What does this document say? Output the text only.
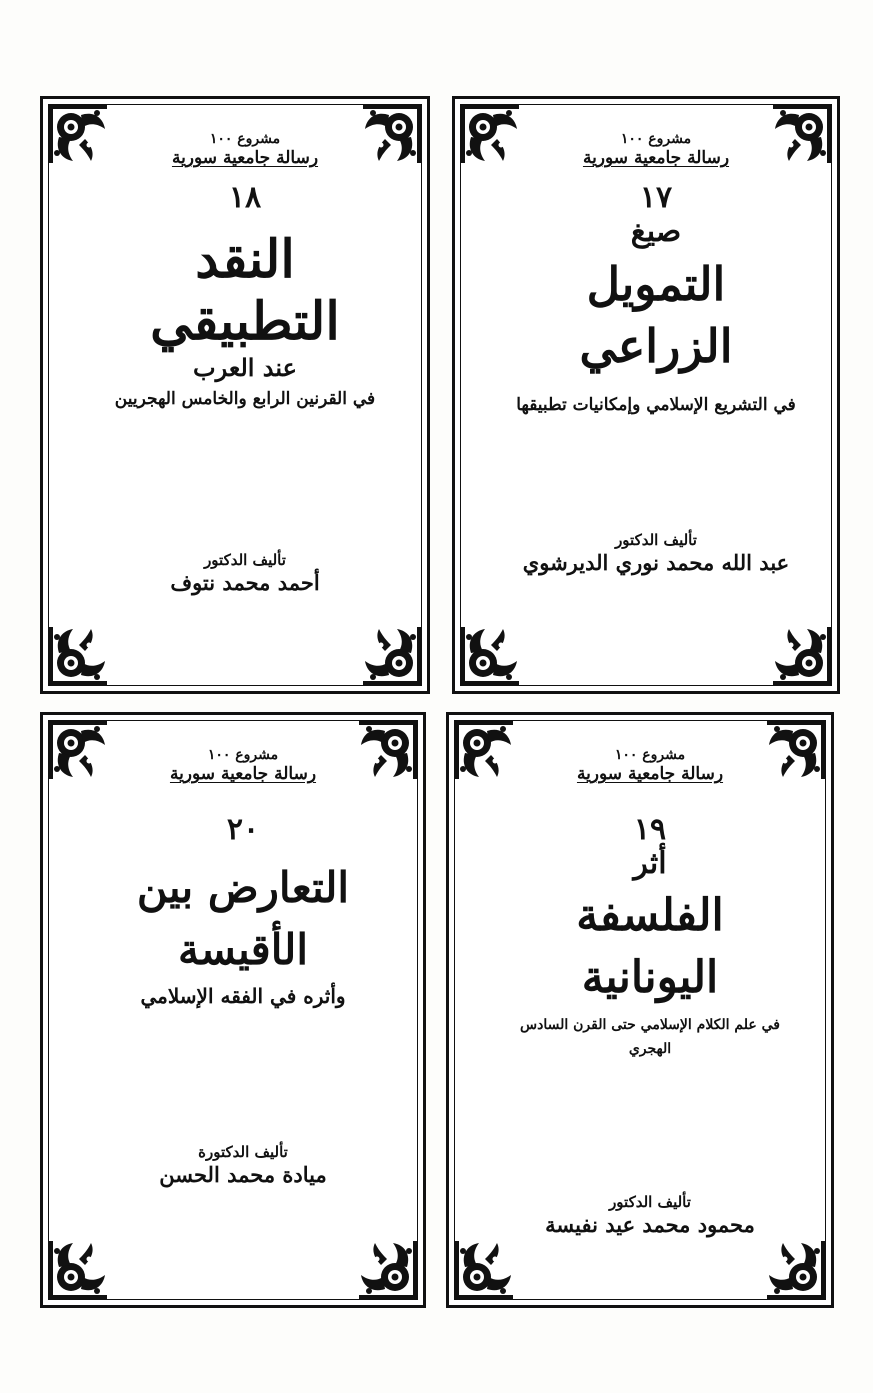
مشروع ١٠٠
رسالة جامعية سورية
١٧
صيغ
التمويل الزراعي
في التشريع الإسلامي وإمكانيات تطبيقها
تأليف الدكتور
عبد الله محمد نوري الديرشوي
مشروع ١٠٠
رسالة جامعية سورية
١٨
النقد التطبيقي
عند العرب
في القرنين الرابع والخامس الهجريين
تأليف الدكتور
أحمد محمد نتوف
مشروع ١٠٠
رسالة جامعية سورية
١٩
أثر
الفلسفة اليونانية
في علم الكلام الإسلامي حتى القرن السادس الهجري
تأليف الدكتور
محمود محمد عيد نفيسة
مشروع ١٠٠
رسالة جامعية سورية
٢٠
التعارض بين الأقيسة
وأثره في الفقه الإسلامي
تأليف الدكتورة
ميادة محمد الحسن
